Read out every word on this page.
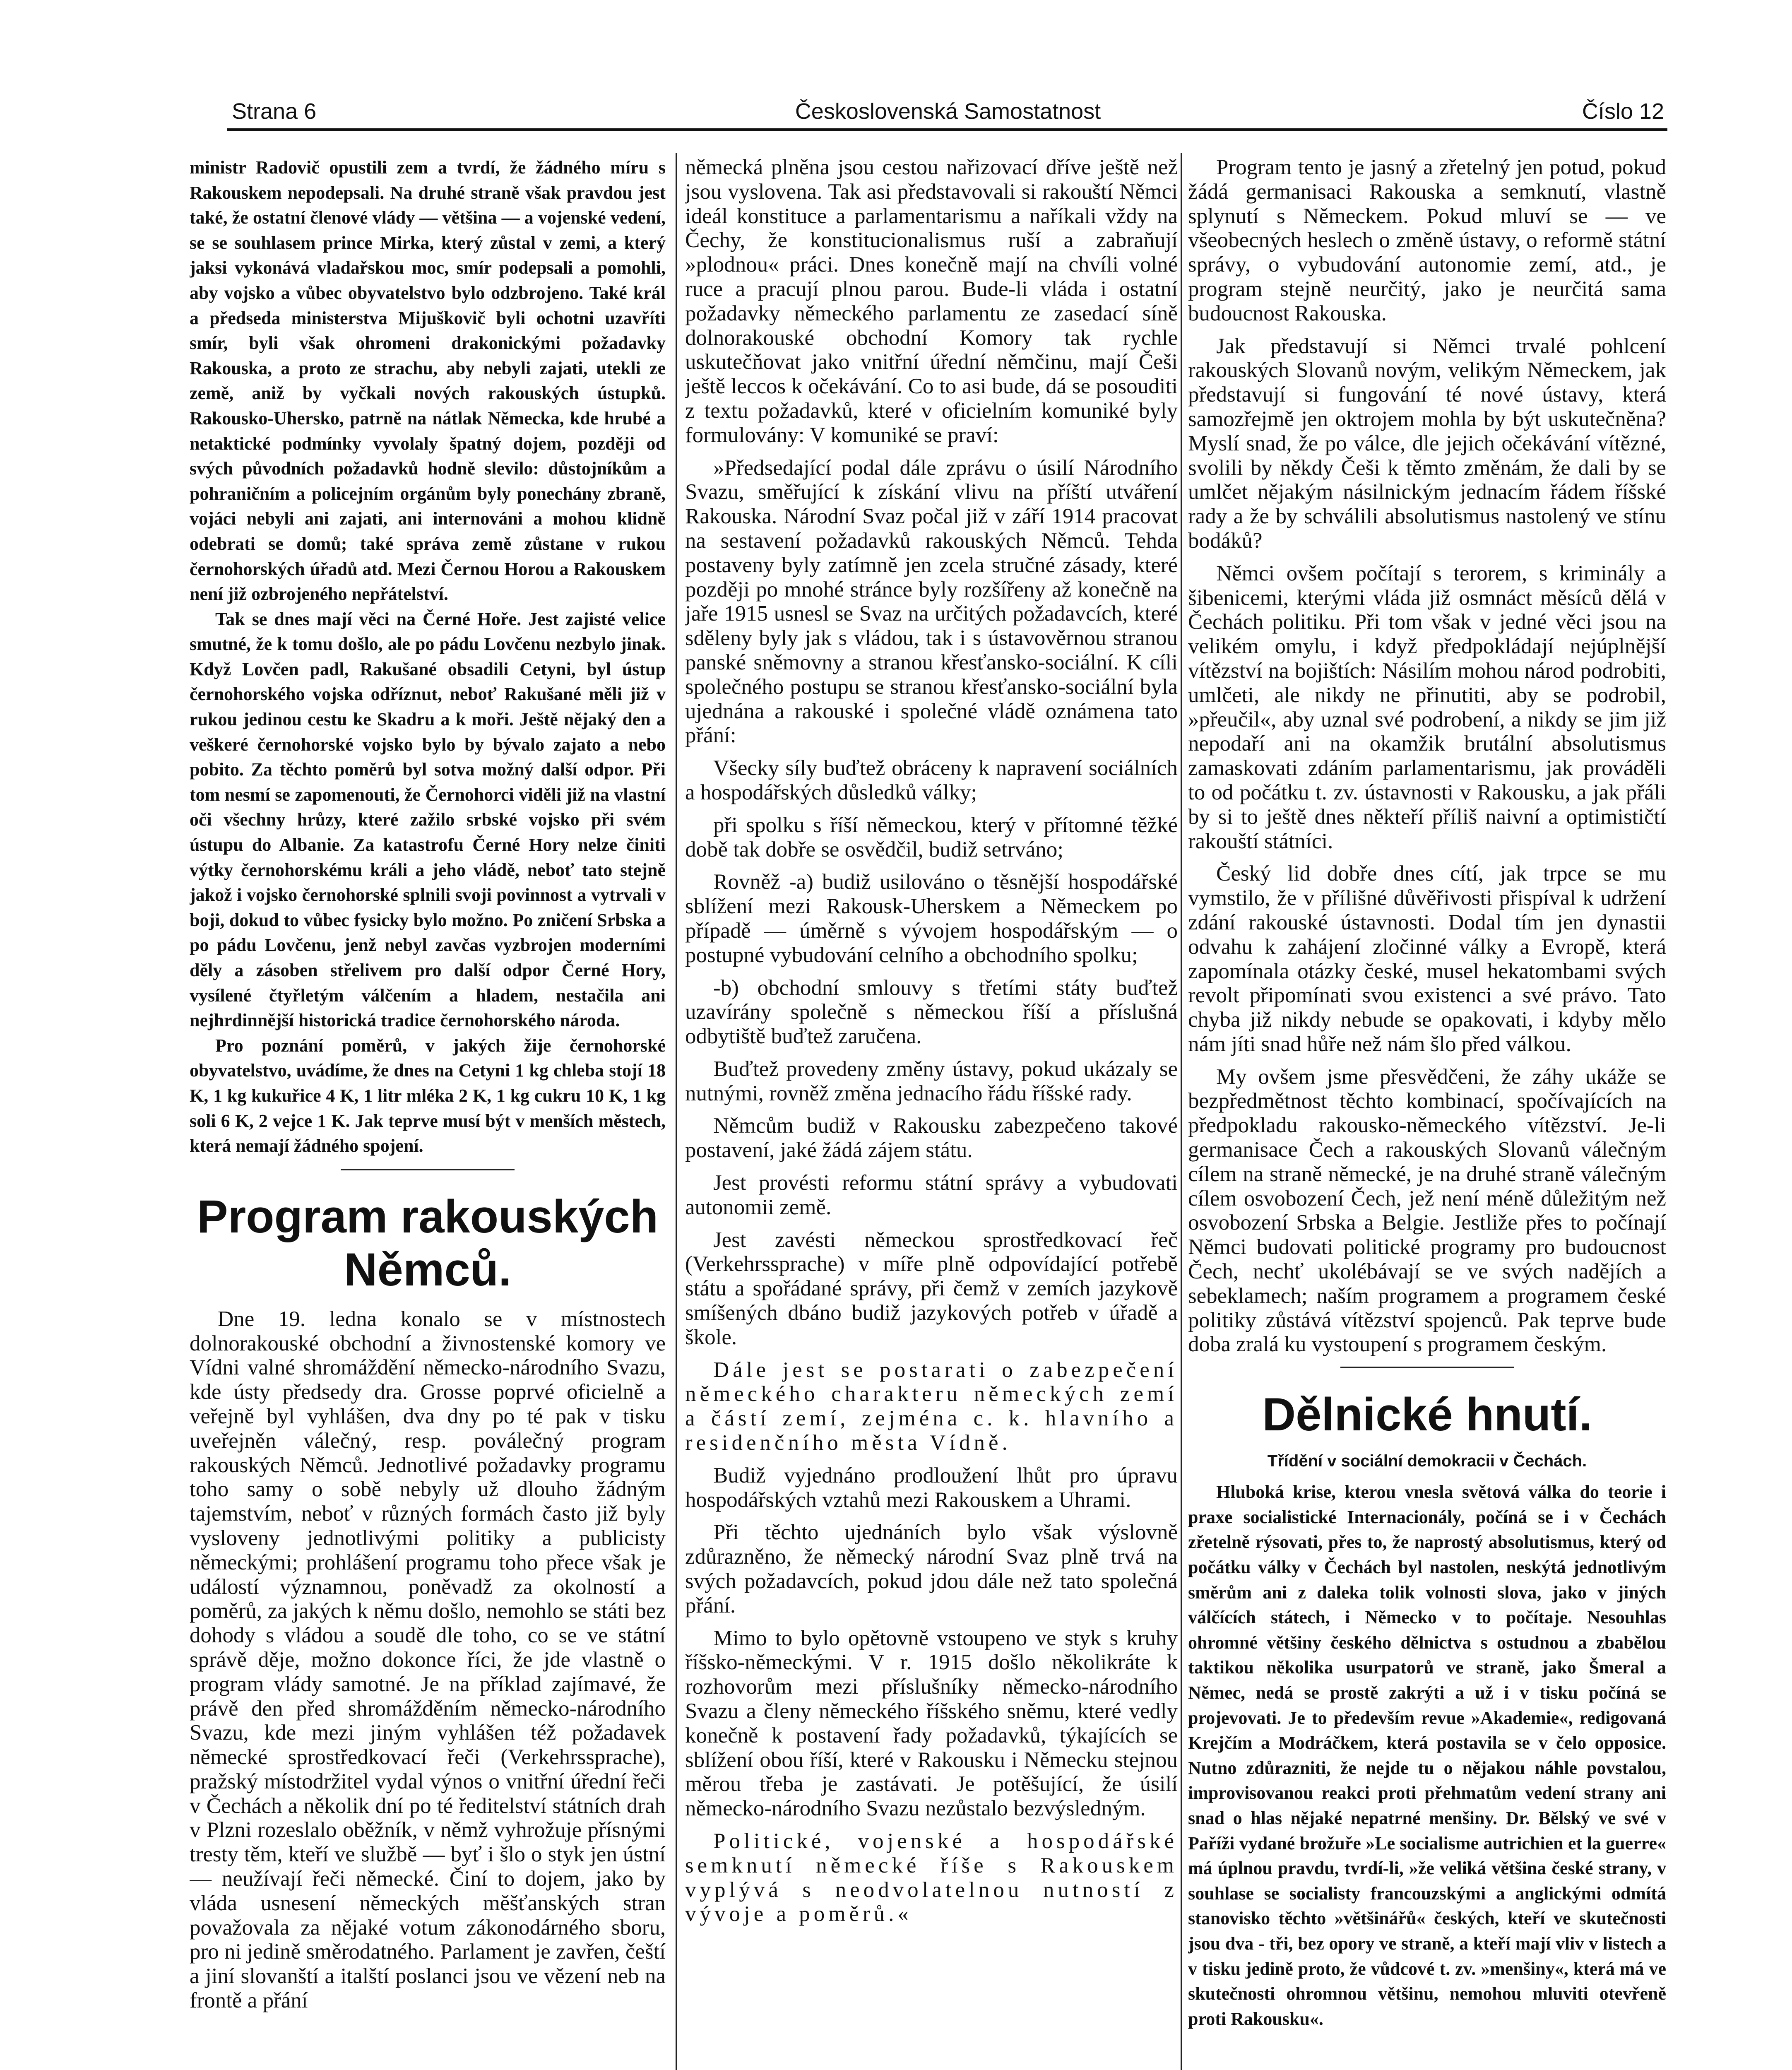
Strana 6	Československá Samostatnost	Číslo 12

ministr Radovič opustili zem a tvrdí, že žádného míru s Rakouskem nepodepsali. Na druhé straně však pravdou jest také, že ostatní členové vlády — většina — a vojenské vedení, se se souhlasem prince Mirka, který zůstal v zemi, a který jaksi vykonává vladařskou moc, smír podepsali a pomohli, aby vojsko a vůbec obyvatelstvo bylo odzbrojeno. Také král a předseda ministerstva Mijuškovič byli ochotni uzavříti smír, byli však ohromeni drakonickými požadavky Rakouska, a proto ze strachu, aby nebyli zajati, utekli ze země, aniž by vyčkali nových rakouských ústupků. Rakousko-Uhersko, patrně na nátlak Německa, kde hrubé a netaktické podmínky vyvolaly špatný dojem, později od svých původních požadavků hodně slevilo: důstojníkům a pohraničním a policejním orgánům byly ponechány zbraně, vojáci nebyli ani zajati, ani internováni a mohou klidně odebrati se domů; také správa země zůstane v rukou černohorských úřadů atd. Mezi Černou Horou a Rakouskem není již ozbrojeného nepřátelství.

Tak se dnes mají věci na Černé Hoře. Jest zajisté velice smutné, že k tomu došlo, ale po pádu Lovčenu nezbylo jinak. Když Lovčen padl, Rakušané obsadili Cetyni, byl ústup černohorského vojska odříznut, neboť Rakušané měli již v rukou jedinou cestu ke Skadru a k moři. Ještě nějaký den a veškeré černohorské vojsko bylo by bývalo zajato a nebo pobito. Za těchto poměrů byl sotva možný další odpor. Při tom nesmí se zapomenouti, že Černohorci viděli již na vlastní oči všechny hrůzy, které zažilo srbské vojsko při svém ústupu do Albanie. Za katastrofu Černé Hory nelze činiti výtky černohorskému králi a jeho vládě, neboť tato stejně jakož i vojsko černohorské splnili svoji povinnost a vytrvali v boji, dokud to vůbec fysicky bylo možno. Po zničení Srbska a po pádu Lovčenu, jenž nebyl zavčas vyzbrojen moderními děly a zásoben střelivem pro další odpor Černé Hory, vysílené čtyřletým válčením a hladem, nestačila ani nejhrdinnější historická tradice černohorského národa.

Pro poznání poměrů, v jakých žije černohorské obyvatelstvo, uvádíme, že dnes na Cetyni 1 kg chleba stojí 18 K, 1 kg kukuřice 4 K, 1 litr mléka 2 K, 1 kg cukru 10 K, 1 kg soli 6 K, 2 vejce 1 K. Jak teprve musí být v menších městech, která nemají žádného spojení.

Program rakouských Němců.

Dne 19. ledna konalo se v místnostech dolnorakouské obchodní a živnostenské komory ve Vídni valné shromáždění německo-národního Svazu, kde ústy předsedy dra. Grosse poprvé oficielně a veřejně byl vyhlášen, dva dny po té pak v tisku uveřejněn válečný, resp. poválečný program rakouských Němců. Jednotlivé požadavky programu toho samy o sobě nebyly už dlouho žádným tajemstvím, neboť v různých formách často již byly vysloveny jednotlivými politiky a publicisty německými; prohlášení programu toho přece však je událostí významnou, poněvadž za okolností a poměrů, za jakých k němu došlo, nemohlo se státi bez dohody s vládou a soudě dle toho, co se ve státní správě děje, možno dokonce říci, že jde vlastně o program vlády samotné. Je na příklad zajímavé, že právě den před shromážděním německo-národního Svazu, kde mezi jiným vyhlášen též požadavek německé sprostředkovací řeči (Verkehrssprache), pražský místodržitel vydal výnos o vnitřní úřední řeči v Čechách a několik dní po té ředitelství státních drah v Plzni rozeslalo oběžník, v němž vyhrožuje přísnými tresty těm, kteří ve službě — byť i šlo o styk jen ústní — neužívají řeči německé. Činí to dojem, jako by vláda usnesení německých měšťanských stran považovala za nějaké votum zákonodárného sboru, pro ni jedině směrodatného. Parlament je zavřen, čeští a jiní slovanští a italští poslanci jsou ve vězení neb na frontě a přání

německá plněna jsou cestou nařizovací dříve ještě než jsou vyslovena. Tak asi představovali si rakouští Němci ideál konstituce a parlamentarismu a naříkali vždy na Čechy, že konstitucionalismus ruší a zabraňují »plodnou« práci. Dnes konečně mají na chvíli volné ruce a pracují plnou parou. Bude-li vláda i ostatní požadavky německého parlamentu ze zasedací síně dolnorakouské obchodní Komory tak rychle uskutečňovat jako vnitřní úřední němčinu, mají Češi ještě leccos k očekávání. Co to asi bude, dá se posouditi z textu požadavků, které v oficielním komuniké byly formulovány: V komuniké se praví:

»Předsedající podal dále zprávu o úsilí Národního Svazu, směřující k získání vlivu na příští utváření Rakouska. Národní Svaz počal již v září 1914 pracovat na sestavení požadavků rakouských Němců. Tehda postaveny byly zatímně jen zcela stručné zásady, které později po mnohé stránce byly rozšířeny až konečně na jaře 1915 usnesl se Svaz na určitých požadavcích, které sděleny byly jak s vládou, tak i s ústavověrnou stranou panské sněmovny a stranou křesťansko-sociální. K cíli společného postupu se stranou křesťansko-sociální byla ujednána a rakouské i společné vládě oznámena tato přání:

Všecky síly buďtež obráceny k napravení sociálních a hospodářských důsledků války;

při spolku s říší německou, který v přítomné těžké době tak dobře se osvědčil, budiž setrváno;

Rovněž -a) budiž usilováno o těsnější hospodářské sblížení mezi Rakousk-Uherskem a Německem po případě — úměrně s vývojem hospodářským — o postupné vybudování celního a obchodního spolku;

-b) obchodní smlouvy s třetími státy buďtež uzavírány společně s německou říší a příslušná odbytiště buďtež zaručena.

Buďtež provedeny změny ústavy, pokud ukázaly se nutnými, rovněž změna jednacího řádu říšské rady.

Němcům budiž v Rakousku zabezpečeno takové postavení, jaké žádá zájem státu.

Jest provésti reformu státní správy a vybudovati autonomii země.

Jest zavésti německou sprostředkovací řeč (Verkehrssprache) v míře plně odpovídající potřebě státu a spořádané správy, při čemž v zemích jazykově smíšených dbáno budiž jazykových potřeb v úřadě a škole.

Dále jest se postarati o zabezpečení německého charakteru německých zemí a částí zemí, zejména c. k. hlavního a residenčního města Vídně.

Budiž vyjednáno prodloužení lhůt pro úpravu hospodářských vztahů mezi Rakouskem a Uhrami.

Při těchto ujednáních bylo však výslovně zdůrazněno, že německý národní Svaz plně trvá na svých požadavcích, pokud jdou dále než tato společná přání.

Mimo to bylo opětovně vstoupeno ve styk s kruhy říšsko-německými. V r. 1915 došlo několikráte k rozhovorům mezi příslušníky německo-národního Svazu a členy německého říšského sněmu, které vedly konečně k postavení řady požadavků, týkajících se sblížení obou říší, které v Rakousku i Německu stejnou měrou třeba je zastávati. Je potěšující, že úsilí německo-národního Svazu nezůstalo bezvýsledným.

Politické, vojenské a hospodářské semknutí německé říše s Rakouskem vyplývá s neodvolatelnou nutností z vývoje a poměrů.«

Program tento je jasný a zřetelný jen potud, pokud žádá germanisaci Rakouska a semknutí, vlastně splynutí s Německem. Pokud mluví se — ve všeobecných heslech o změně ústavy, o reformě státní správy, o vybudování autonomie zemí, atd., je program stejně neurčitý, jako je neurčitá sama budoucnost Rakouska.

Jak představují si Němci trvalé pohlcení rakouských Slovanů novým, velikým Německem, jak představují si fungování té nové ústavy, která samozřejmě jen oktrojem mohla by být uskutečněna? Myslí snad, že po válce, dle jejich očekávání vítězné, svolili by někdy Češi k těmto změnám, že dali by se umlčet nějakým násilnickým jednacím řádem říšské rady a že by schválili absolutismus nastolený ve stínu bodáků?

Němci ovšem počítají s terorem, s kriminály a šibenicemi, kterými vláda již osmnáct měsíců dělá v Čechách politiku. Při tom však v jedné věci jsou na velikém omylu, i když předpokládají nejúplnější vítězství na bojištích: Násilím mohou národ podrobiti, umlčeti, ale nikdy ne přinutiti, aby se podrobil, »přeučil«, aby uznal své podrobení, a nikdy se jim již nepodaří ani na okamžik brutální absolutismus zamaskovati zdáním parlamentarismu, jak prováděli to od počátku t. zv. ústavnosti v Rakousku, a jak přáli by si to ještě dnes někteří příliš naivní a optimističtí rakouští státníci.

Český lid dobře dnes cítí, jak trpce se mu vymstilo, že v přílišné důvěřivosti přispíval k udržení zdání rakouské ústavnosti. Dodal tím jen dynastii odvahu k zahájení zločinné války a Evropě, která zapomínala otázky české, musel hekatombami svých revolt připomínati svou existenci a své právo. Tato chyba již nikdy nebude se opakovati, i kdyby mělo nám jíti snad hůře než nám šlo před válkou.

My ovšem jsme přesvědčeni, že záhy ukáže se bezpředmětnost těchto kombinací, spočívajících na předpokladu rakousko-německého vítězství. Je-li germanisace Čech a rakouských Slovanů válečným cílem na straně německé, je na druhé straně válečným cílem osvobození Čech, jež není méně důležitým než osvobození Srbska a Belgie. Jestliže přes to počínají Němci budovati politické programy pro budoucnost Čech, nechť ukolébávají se ve svých nadějích a sebeklamech; naším programem a programem české politiky zůstává vítězství spojenců. Pak teprve bude doba zralá ku vystoupení s programem českým.

Dělnické hnutí.
Třídění v sociální demokracii v Čechách.

Hluboká krise, kterou vnesla světová válka do teorie i praxe socialistické Internacionály, počíná se i v Čechách zřetelně rýsovati, přes to, že naprostý absolutismus, který od počátku války v Čechách byl nastolen, neskýtá jednotlivým směrům ani z daleka tolik volnosti slova, jako v jiných válčících státech, i Německo v to počítaje. Nesouhlas ohromné většiny českého dělnictva s ostudnou a zbabělou taktikou několika usurpatorů ve straně, jako Šmeral a Němec, nedá se prostě zakrýti a už i v tisku počíná se projevovati. Je to především revue »Akademie«, redigovaná Krejčím a Modráčkem, která postavila se v čelo opposice. Nutno zdůrazniti, že nejde tu o nějakou náhle povstalou, improvisovanou reakci proti přehmatům vedení strany ani snad o hlas nějaké nepatrné menšiny. Dr. Bělský ve své v Paříži vydané brožuře »Le socialisme autrichien et la guerre« má úplnou pravdu, tvrdí-li, »že veliká většina české strany, v souhlase se socialisty francouzskými a anglickými odmítá stanovisko těchto »většinářů« českých, kteří ve skutečnosti jsou dva - tři, bez opory ve straně, a kteří mají vliv v listech a v tisku jedině proto, že vůdcové t. zv. »menšiny«, která má ve skutečnosti ohromnou většinu, nemohou mluviti otevřeně proti Rakousku«.
